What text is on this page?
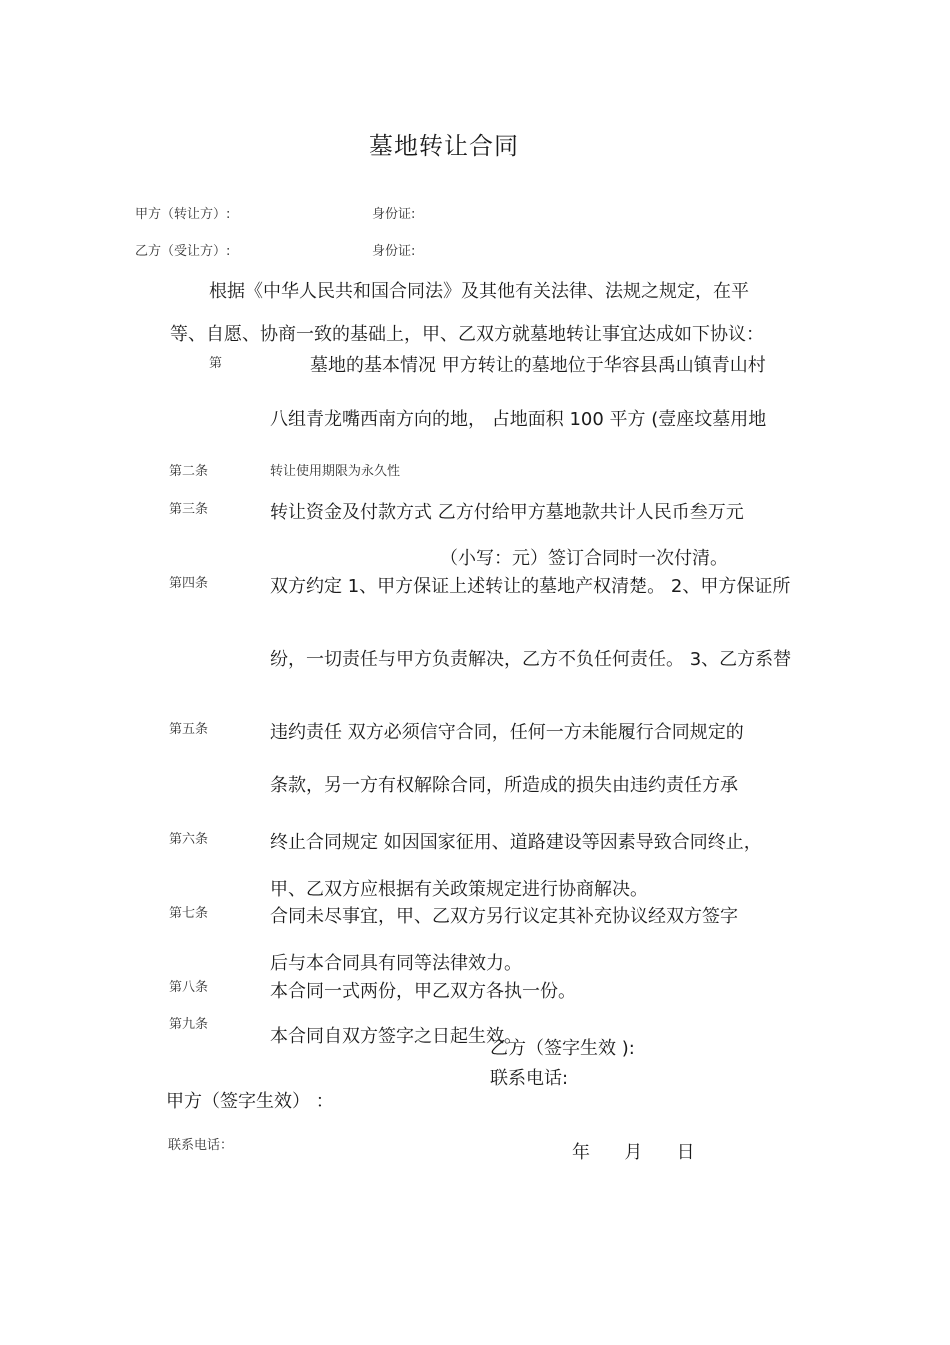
墓地转让合同
甲方（转让方）:	身份证:
乙方（受让方）:	身份证:
根据《中华人民共和国合同法》及其他有关法律、法规之规定，在平
等、自愿、协商一致的基础上，甲、乙双方就墓地转让事宜达成如下协议：
第	墓地的基本情况 甲方转让的墓地位于华容县禹山镇青山村
八组青龙嘴西南方向的地， 占地面积 100 平方 (壹座坟墓用地
第二条	转让使用期限为永久性
第三条	转让资金及付款方式 乙方付给甲方墓地款共计人民币叁万元
（小写：元）签订合同时一次付清。
第四条	双方约定 1、甲方保证上述转让的墓地产权清楚。 2、甲方保证所
纷，一切责任与甲方负责解决，乙方不负任何责任。 3、乙方系替
第五条	违约责任 双方必须信守合同，任何一方未能履行合同规定的
条款，另一方有权解除合同，所造成的损失由违约责任方承
第六条	终止合同规定 如因国家征用、道路建设等因素导致合同终止，
甲、乙双方应根据有关政策规定进行协商解决。
第七条	合同未尽事宜，甲、乙双方另行议定其补充协议经双方签字
后与本合同具有同等法律效力。
第八条	本合同一式两份，甲乙双方各执一份。
第九条
本合同自双方签字之日起生效。
乙方（签字生效 ):
联系电话:
甲方（签字生效） ：
联系电话：	年      月      日
